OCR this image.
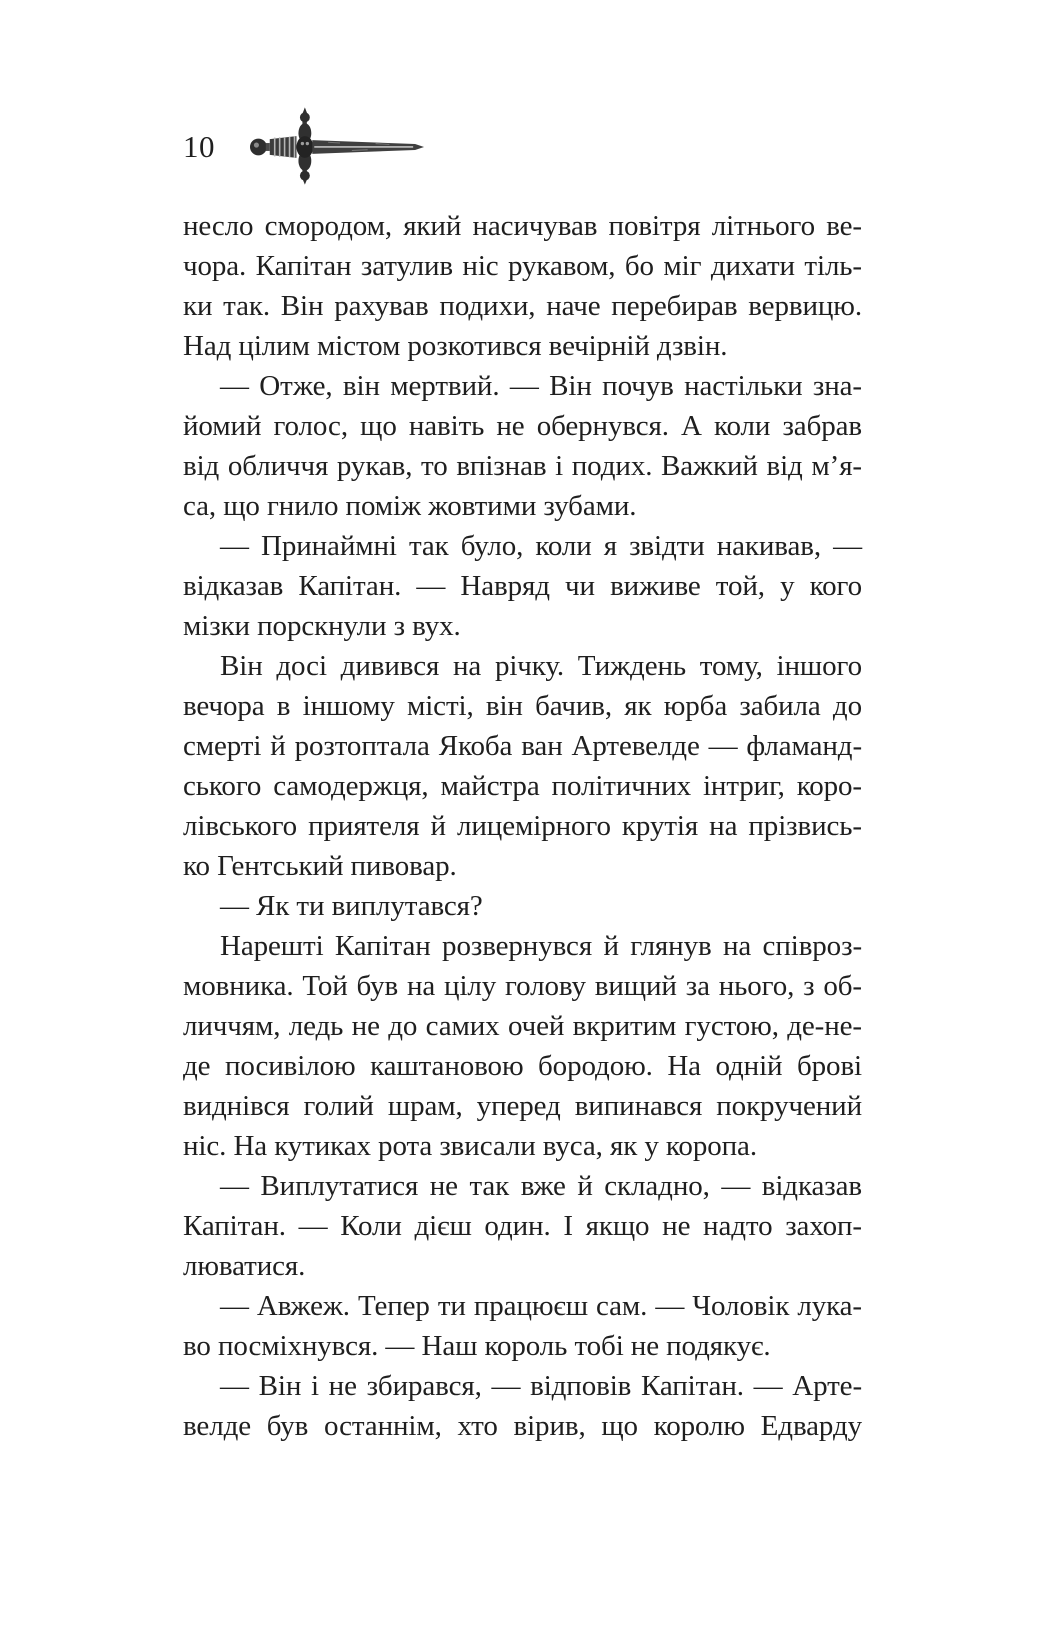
10
несло смородом, який насичував повітря літнього ве-
чора. Капітан затулив ніс рукавом, бо міг дихати тіль-
ки так. Він рахував подихи, наче перебирав вервицю.
Над цілим містом розкотився вечірній дзвін.
— Отже, він мертвий. — Він почув настільки зна-
йомий голос, що навіть не обернувся. А коли забрав
від обличчя рукав, то впізнав і подих. Важкий від м’я-
са, що гнило поміж жовтими зубами.
— Принаймні так було, коли я звідти накивав, —
відказав Капітан. — Навряд чи виживе той, у кого
мізки порскнули з вух.
Він досі дивився на річку. Тиждень тому, іншого
вечора в іншому місті, він бачив, як юрба забила до
смерті й розтоптала Якоба ван Артевелде — фламанд-
ського самодержця, майстра політичних інтриг, коро-
лівського приятеля й лицемірного крутія на прізвись-
ко Гентський пивовар.
— Як ти виплутався?
Нарешті Капітан розвернувся й глянув на співроз-
мовника. Той був на цілу голову вищий за нього, з об-
личчям, ледь не до самих очей вкритим густою, де-не-
де посивілою каштановою бородою. На одній брові
виднівся голий шрам, уперед випинався покручений
ніс. На кутиках рота звисали вуса, як у коропа.
— Виплутатися не так вже й складно, — відказав
Капітан. — Коли дієш один. І якщо не надто захоп-
люватися.
— Авжеж. Тепер ти працюєш сам. — Чоловік лука-
во посміхнувся. — Наш король тобі не подякує.
— Він і не збирався, — відповів Капітан. — Арте-
велде був останнім, хто вірив, що королю Едварду
